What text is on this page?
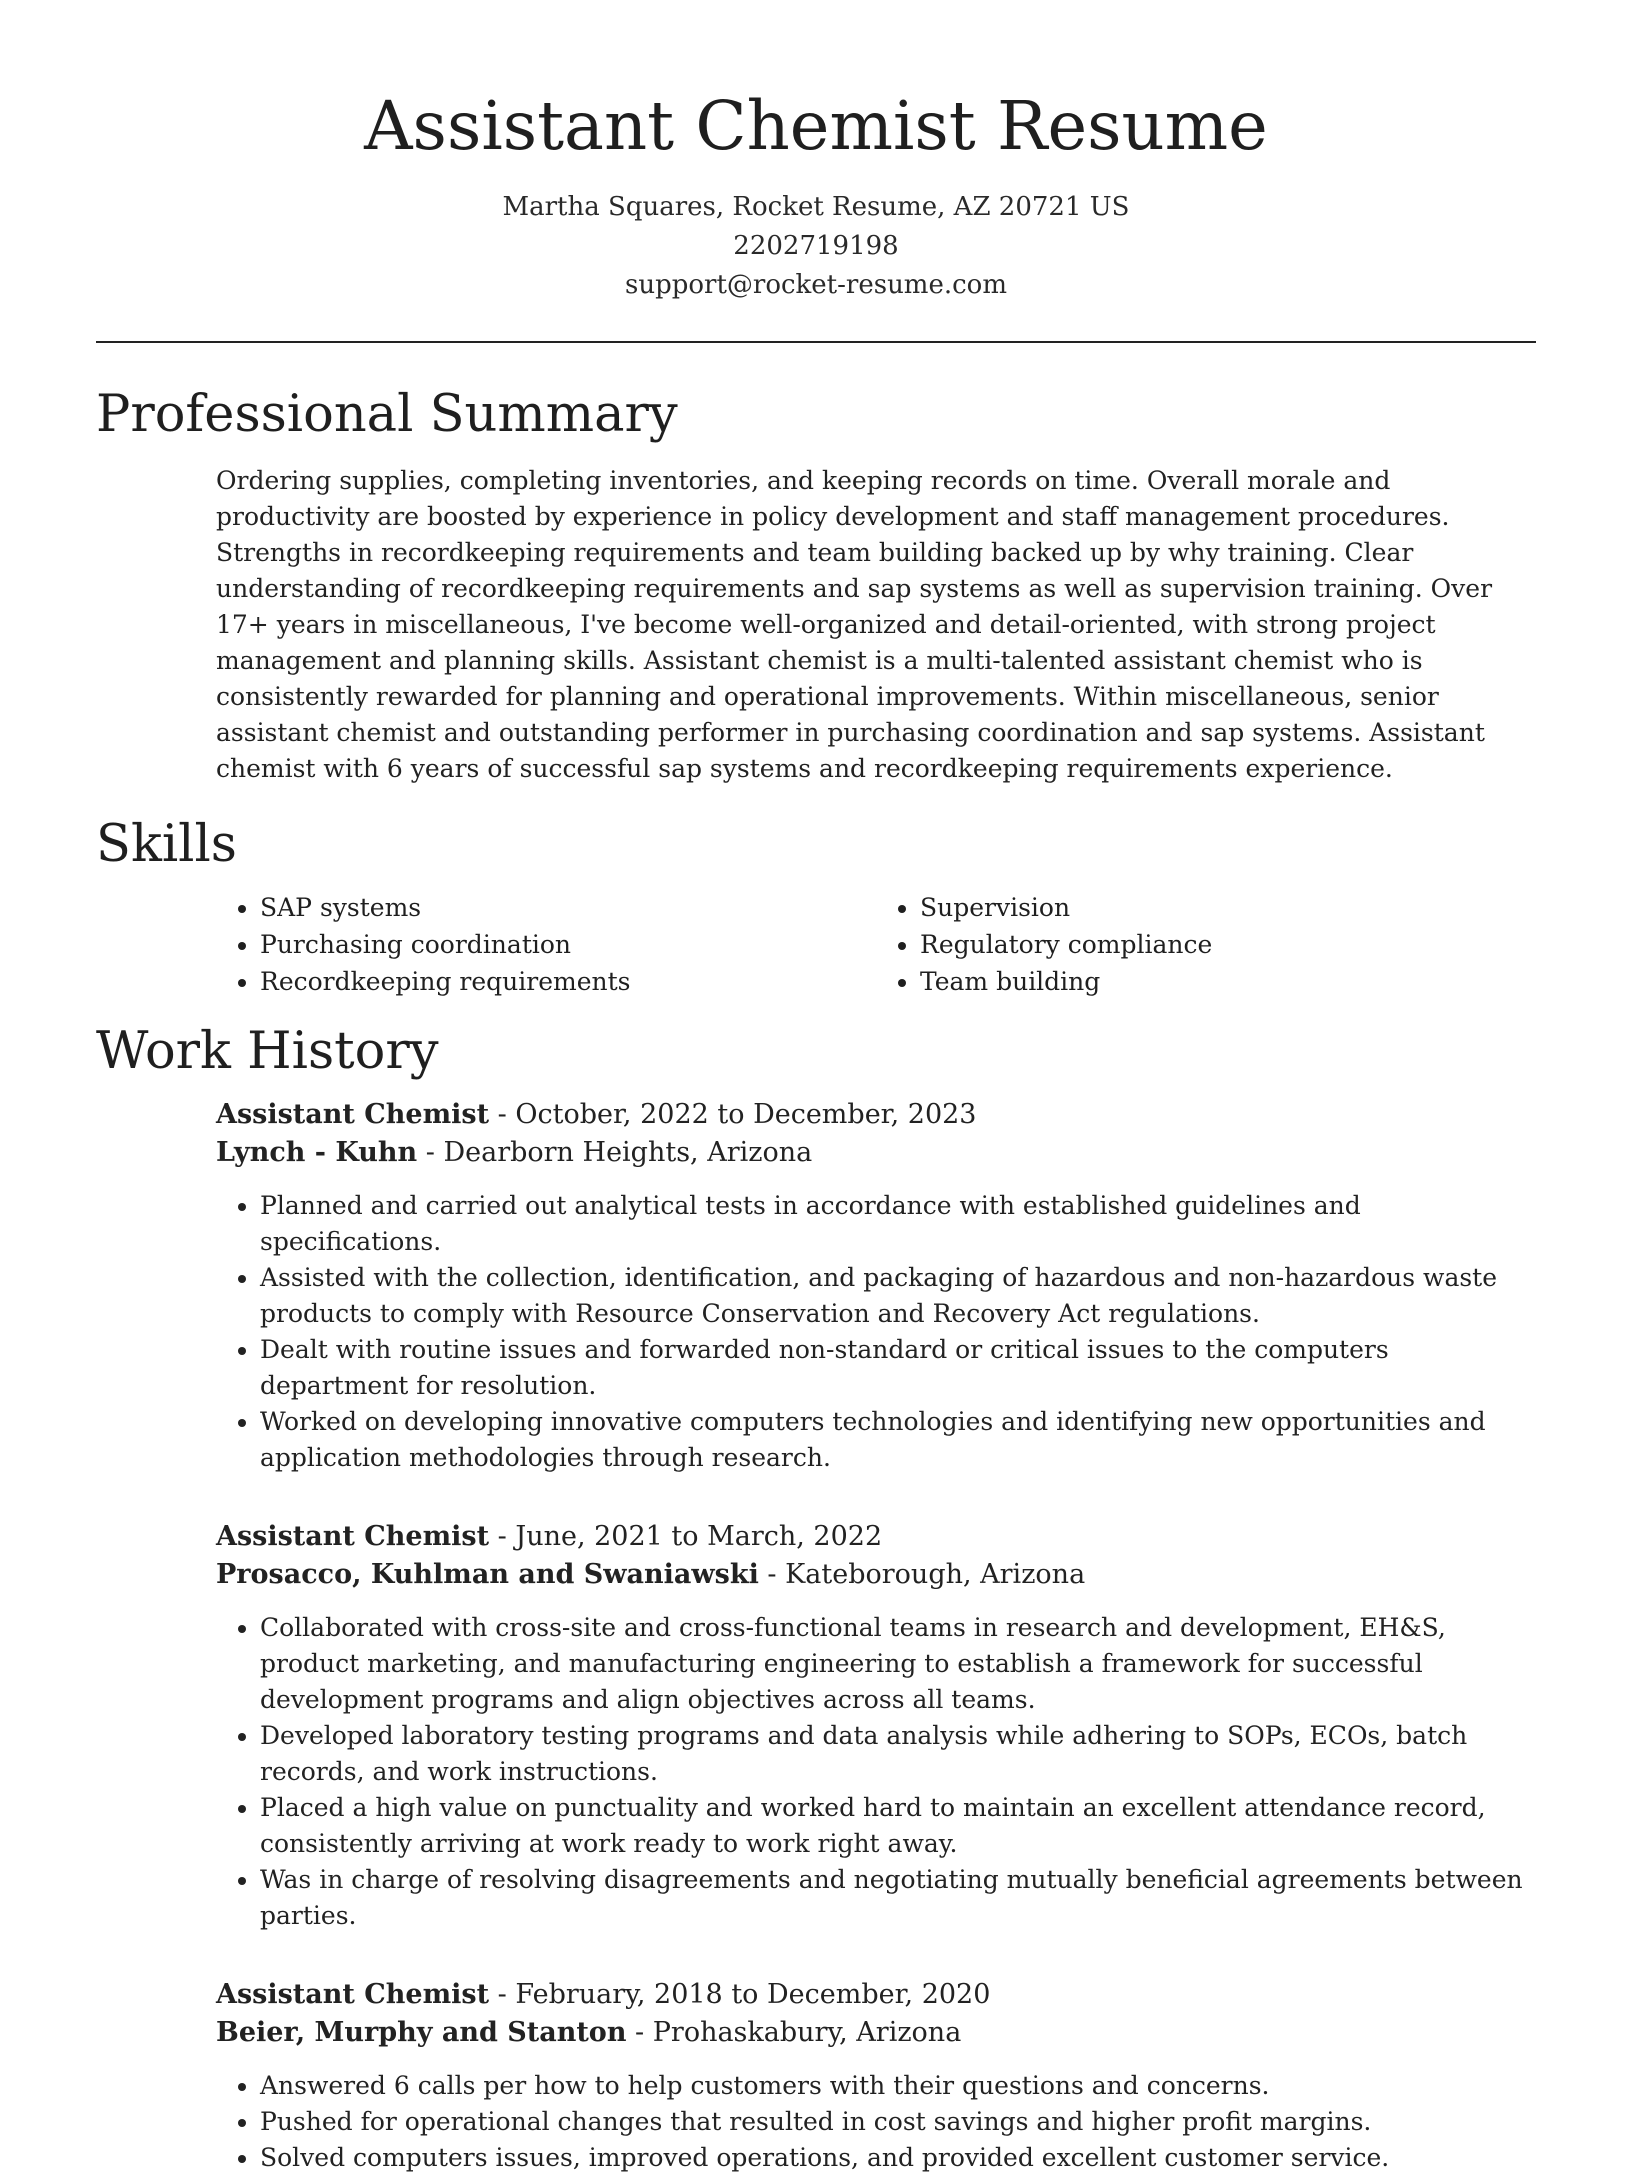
Assistant Chemist Resume
Martha Squares, Rocket Resume, AZ 20721 US
2202719198
support@rocket-resume.com
Professional Summary
Ordering supplies, completing inventories, and keeping records on time. Overall morale and productivity are boosted by experience in policy development and staff management procedures. Strengths in recordkeeping requirements and team building backed up by why training. Clear understanding of recordkeeping requirements and sap systems as well as supervision training. Over 17+ years in miscellaneous, I've become well-organized and detail-oriented, with strong project management and planning skills. Assistant chemist is a multi-talented assistant chemist who is consistently rewarded for planning and operational improvements. Within miscellaneous, senior assistant chemist and outstanding performer in purchasing coordination and sap systems. Assistant chemist with 6 years of successful sap systems and recordkeeping requirements experience.
Skills
• SAP systems
• Purchasing coordination
• Recordkeeping requirements
• Supervision
• Regulatory compliance
• Team building
Work History
Assistant Chemist - October, 2022 to December, 2023
Lynch - Kuhn - Dearborn Heights, Arizona
• Planned and carried out analytical tests in accordance with established guidelines and specifications.
• Assisted with the collection, identification, and packaging of hazardous and non-hazardous waste products to comply with Resource Conservation and Recovery Act regulations.
• Dealt with routine issues and forwarded non-standard or critical issues to the computers department for resolution.
• Worked on developing innovative computers technologies and identifying new opportunities and application methodologies through research.
Assistant Chemist - June, 2021 to March, 2022
Prosacco, Kuhlman and Swaniawski - Kateborough, Arizona
• Collaborated with cross-site and cross-functional teams in research and development, EH&S, product marketing, and manufacturing engineering to establish a framework for successful development programs and align objectives across all teams.
• Developed laboratory testing programs and data analysis while adhering to SOPs, ECOs, batch records, and work instructions.
• Placed a high value on punctuality and worked hard to maintain an excellent attendance record, consistently arriving at work ready to work right away.
• Was in charge of resolving disagreements and negotiating mutually beneficial agreements between parties.
Assistant Chemist - February, 2018 to December, 2020
Beier, Murphy and Stanton - Prohaskabury, Arizona
• Answered 6 calls per how to help customers with their questions and concerns.
• Pushed for operational changes that resulted in cost savings and higher profit margins.
• Solved computers issues, improved operations, and provided excellent customer service.
